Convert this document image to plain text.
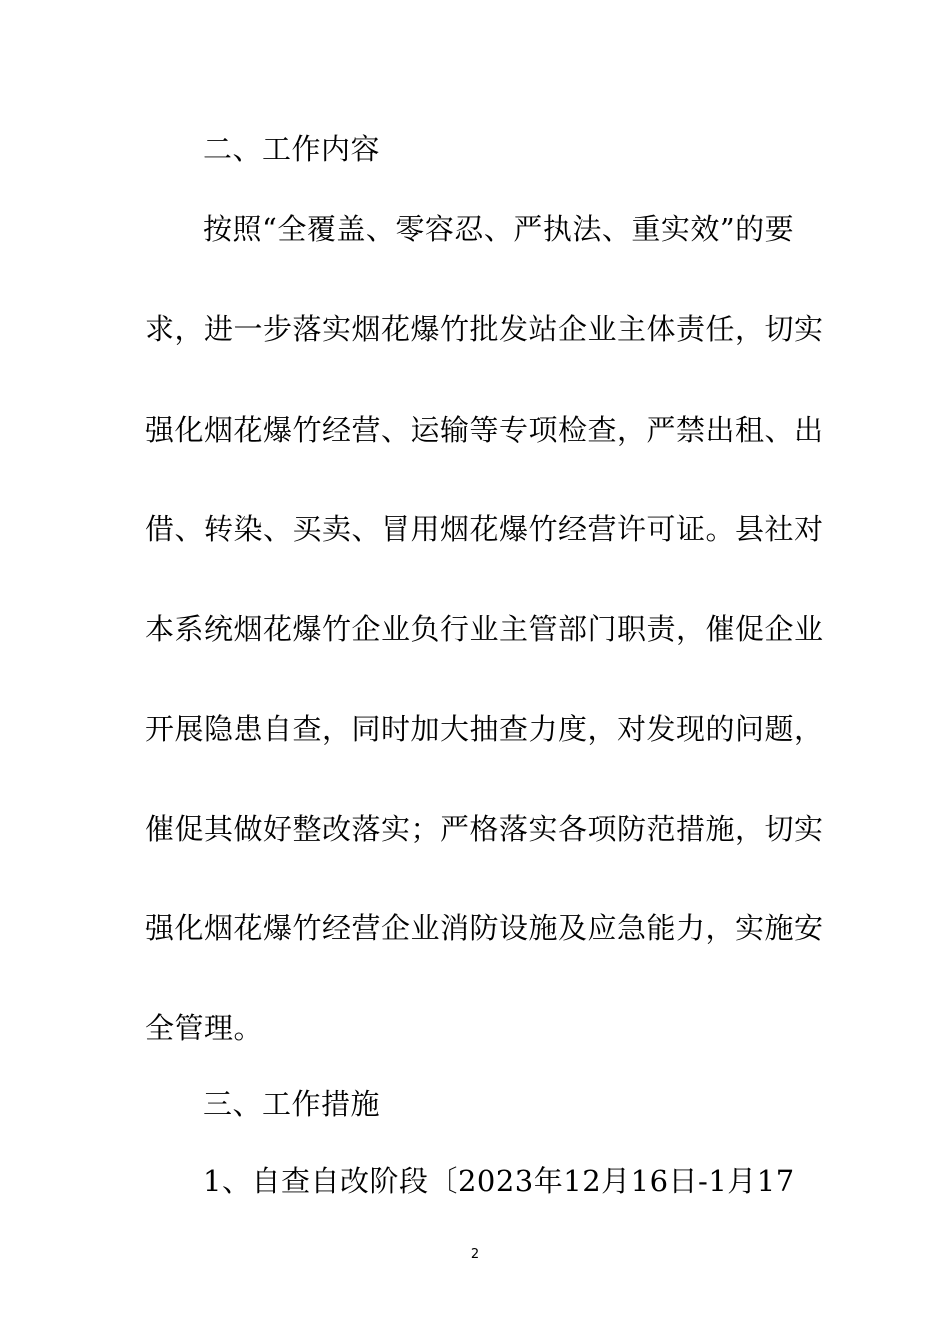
二、工作内容
按照“全覆盖、零容忍、严执法、重实效”的要
求，进一步落实烟花爆竹批发站企业主体责任，切实
强化烟花爆竹经营、运输等专项检查，严禁出租、出
借、转染、买卖、冒用烟花爆竹经营许可证。县社对
本系统烟花爆竹企业负行业主管部门职责，催促企业
开展隐患自查，同时加大抽查力度，对发现的问题，
催促其做好整改落实；严格落实各项防范措施，切实
强化烟花爆竹经营企业消防设施及应急能力，实施安
全管理。
三、工作措施
1、自查自改阶段〔2023年12月16日-1月17
2
